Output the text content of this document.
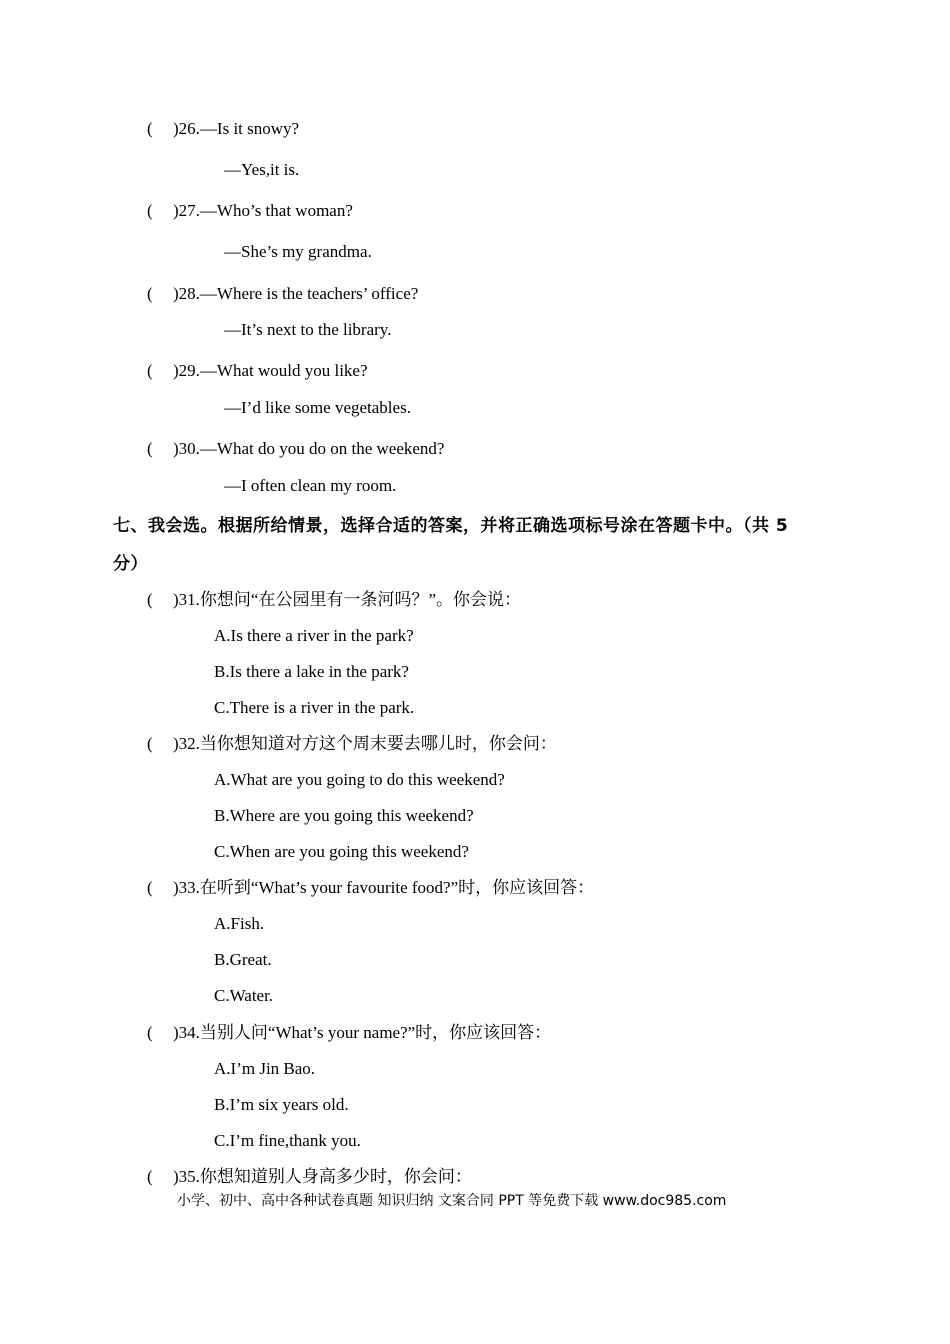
( )26.—Is it snowy?
—Yes,it is.
( )27.—Who’s that woman?
—She’s my grandma.
( )28.—Where is the teachers’ office?
—It’s next to the library.
( )29.—What would you like?
—I’d like some vegetables.
( )30.—What do you do on the weekend?
—I often clean my room.
七、我会选。根据所给情景，选择合适的答案，并将正确选项标号涂在答题卡中。（共 5
分）
( )31.你想问“在公园里有一条河吗？”。你会说：
A.Is there a river in the park?
B.Is there a lake in the park?
C.There is a river in the park.
( )32.当你想知道对方这个周末要去哪儿时，你会问：
A.What are you going to do this weekend?
B.Where are you going this weekend?
C.When are you going this weekend?
( )33.在听到“What’s your favourite food?”时，你应该回答：
A.Fish.
B.Great.
C.Water.
( )34.当别人问“What’s your name?”时，你应该回答：
A.I’m Jin Bao.
B.I’m six years old.
C.I’m fine,thank you.
( )35.你想知道别人身高多少时，你会问：
小学、初中、高中各种试卷真题 知识归纳 文案合同 PPT 等免费下载 www.doc985.com
